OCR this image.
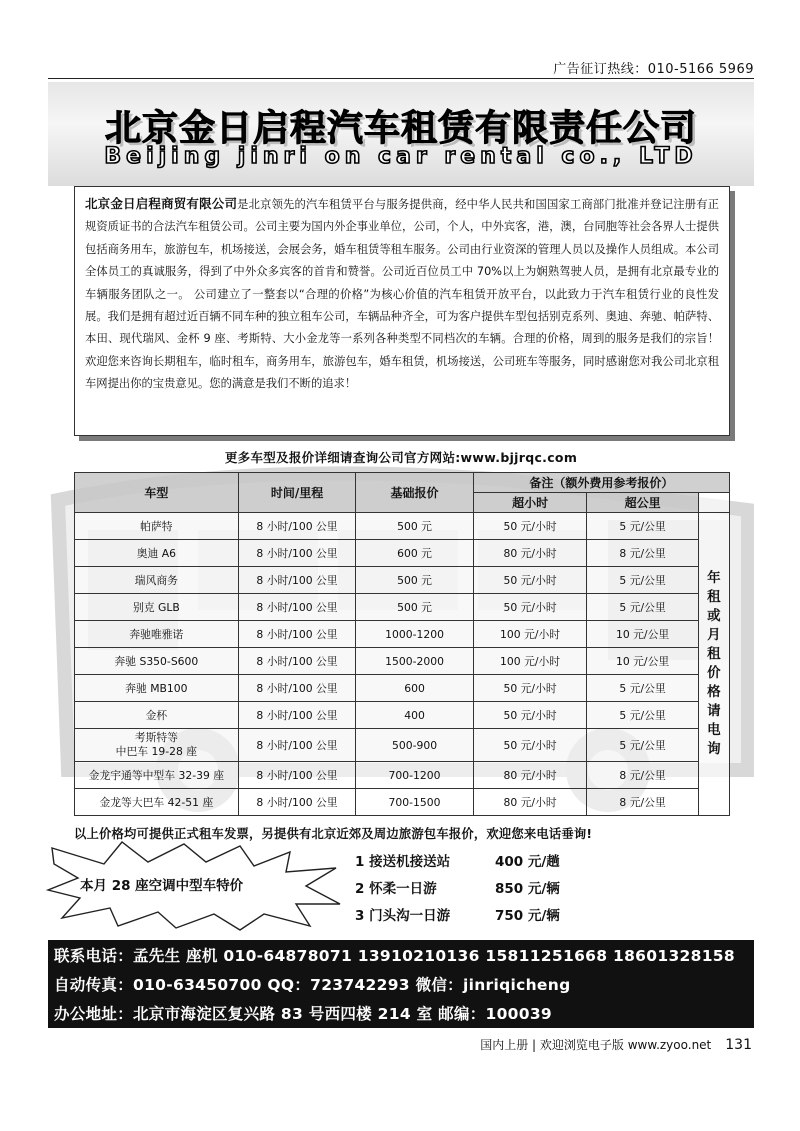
广告征订热线：010-5166 5969
北京金日启程汽车租赁有限责任公司
Beijing jinri on car rental co., LTD

北京金日启程商贸有限公司是北京领先的汽车租赁平台与服务提供商，经中华人民共和国国家工商部门批准并登记注册有正规资质证书的合法汽车租赁公司。公司主要为国内外企事业单位，公司，个人，中外宾客，港，澳，台同胞等社会各界人士提供包括商务用车，旅游包车，机场接送，会展会务，婚车租赁等租车服务。公司由行业资深的管理人员以及操作人员组成。本公司全体员工的真诚服务，得到了中外众多宾客的首肯和赞誉。公司近百位员工中 70%以上为娴熟驾驶人员，是拥有北京最专业的车辆服务团队之一。 公司建立了一整套以“合理的价格”为核心价值的汽车租赁开放平台，以此致力于汽车租赁行业的良性发展。我们是拥有超过近百辆不同车种的独立租车公司，车辆品种齐全，可为客户提供车型包括别克系列、奥迪、奔驰、帕萨特、本田、现代瑞风、金杯 9 座、考斯特、大小金龙等一系列各种类型不同档次的车辆。合理的价格，周到的服务是我们的宗旨！ 欢迎您来咨询长期租车，临时租车，商务用车，旅游包车，婚车租赁，机场接送，公司班车等服务，同时感谢您对我公司北京租车网提出你的宝贵意见。您的满意是我们不断的追求！

更多车型及报价详细请查询公司官方网站:www.bjjrqc.com
车型	时间/里程	基础报价	备注（额外费用参考报价）		
			超小时	超公里	
帕萨特	8 小时/100 公里	500 元	50 元/小时	5 元/公里	年租或月租价格请电询

奥迪 A6	8 小时/100 公里	600 元	80 元/小时	8 元/公里	
瑞风商务	8 小时/100 公里	500 元	50 元/小时	5 元/公里	
别克 GLB	8 小时/100 公里	500 元	50 元/小时	5 元/公里	
奔驰唯雅诺	8 小时/100 公里	1000-1200	100 元/小时	10 元/公里	
奔驰 S350-S600	8 小时/100 公里	1500-2000	100 元/小时	10 元/公里	
奔驰 MB100	8 小时/100 公里	600	50 元/小时	5 元/公里	
金杯	8 小时/100 公里	400	50 元/小时	5 元/公里	

考斯特等
中巴车 19-28 座	8 小时/100 公里	500-900	50 元/小时	5 元/公里	
金龙宇通等中型车 32-39 座	8 小时/100 公里	700-1200	80 元/小时	8 元/公里	
金龙等大巴车 42-51 座	8 小时/100 公里	700-1500	80 元/小时	8 元/公里	
以上价格均可提供正式租车发票，另提供有北京近郊及周边旅游包车报价，欢迎您来电话垂询!
本月 28 座空调中型车特价
1 接送机接送站	400 元/趟
2 怀柔一日游	850 元/辆
3 门头沟一日游	750 元/辆
联系电话：孟先生 座机 010-64878071 13910210136 15811251668 18601328158
自动传真：010-63450700 QQ：723742293 微信：jinriqicheng
办公地址：北京市海淀区复兴路 83 号西四楼 214 室 邮编：100039
国内上册 | 欢迎浏览电子版 www.zyoo.net 131
